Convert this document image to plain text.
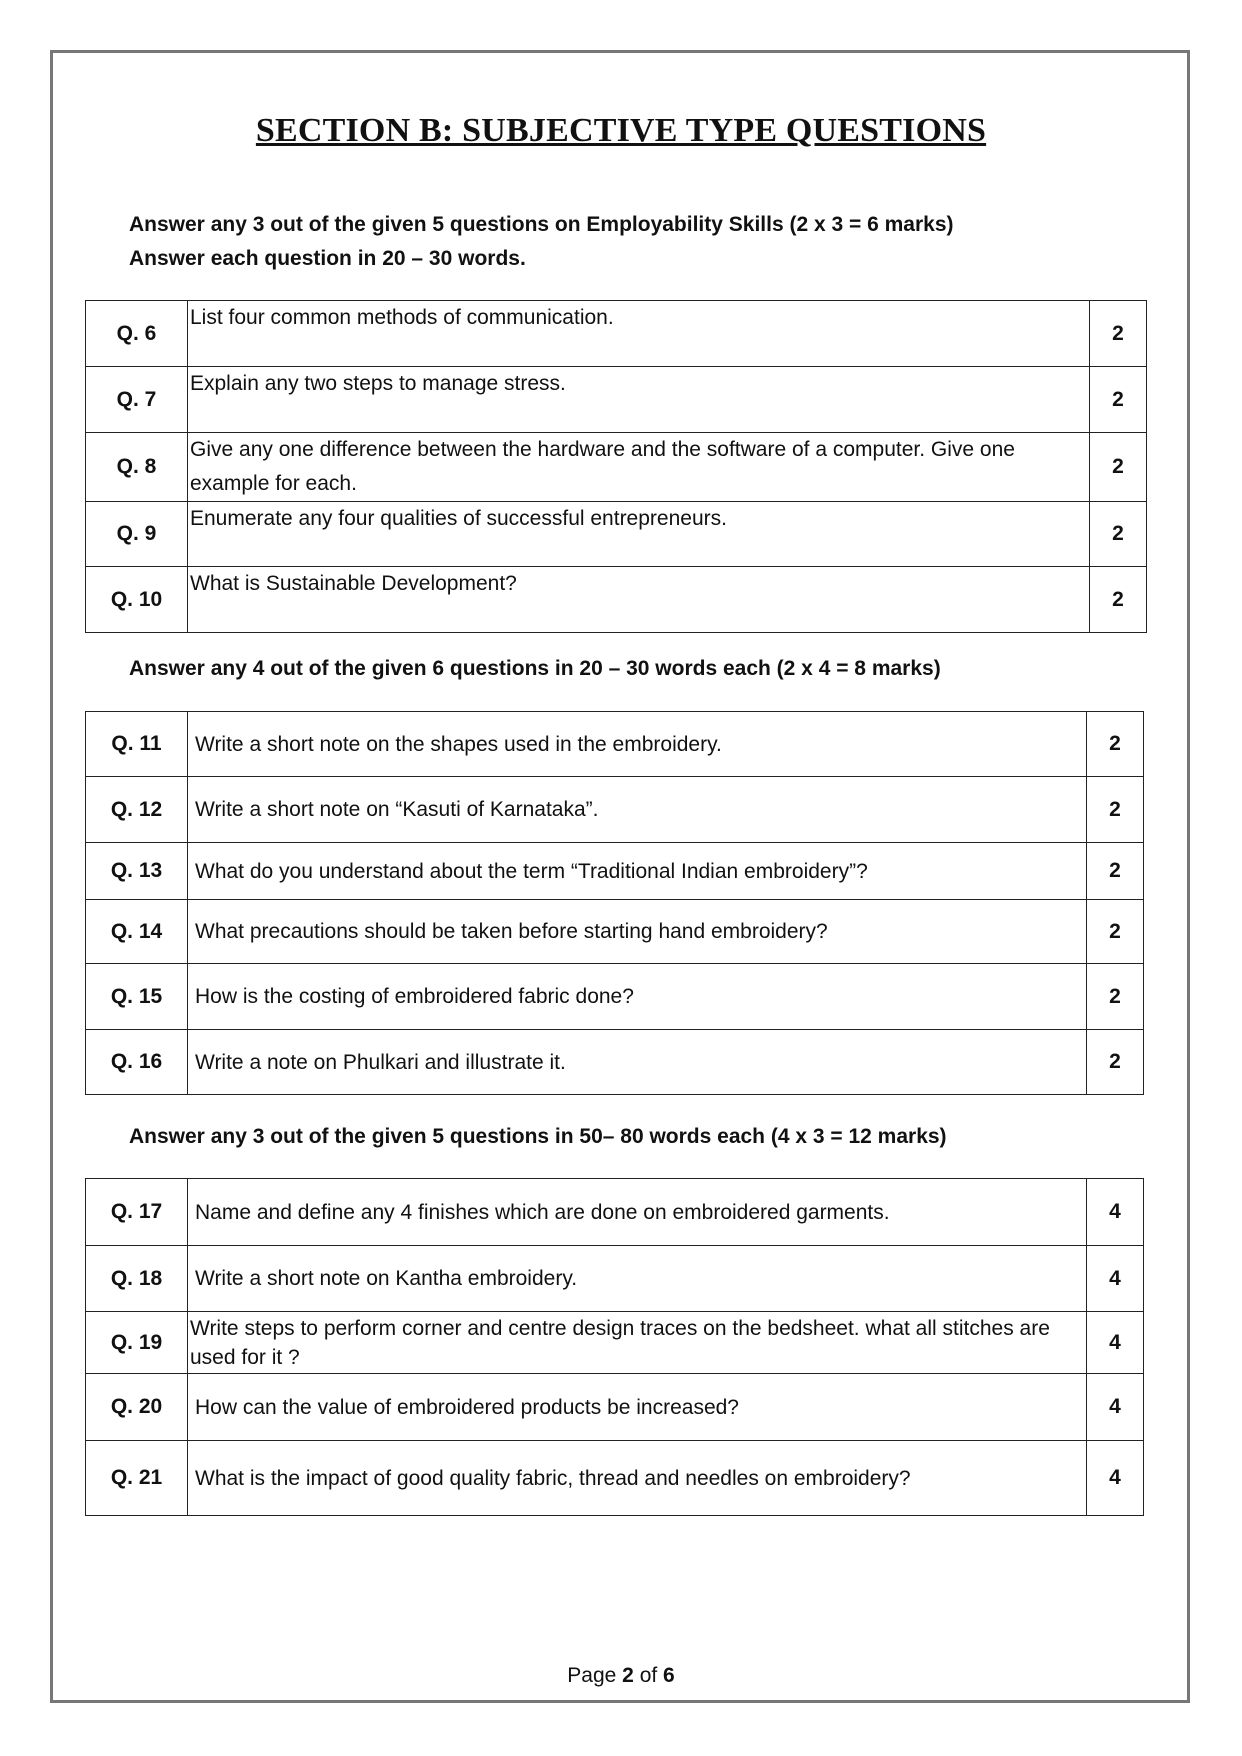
SECTION B: SUBJECTIVE TYPE QUESTIONS
Answer any 3 out of the given 5 questions on Employability Skills (2 x 3 = 6 marks)
Answer each question in 20 – 30 words.
Q. 6	List four common methods of communication.	2
Q. 7	Explain any two steps to manage stress.	2
Q. 8	Give any one difference between the hardware and the software of a computer. Give one example for each.	2
Q. 9	Enumerate any four qualities of successful entrepreneurs.	2
Q. 10	What is Sustainable Development?	2
Answer any 4 out of the given 6 questions in 20 – 30 words each (2 x 4 = 8 marks)
Q. 11	Write a short note on the shapes used in the embroidery.	2
Q. 12	Write a short note on “Kasuti of Karnataka”.	2
Q. 13	What do you understand about the term “Traditional Indian embroidery”?	2
Q. 14	What precautions should be taken before starting hand embroidery?	2
Q. 15	How is the costing of embroidered fabric done?	2
Q. 16	Write a note on Phulkari and illustrate it.	2
Answer any 3 out of the given 5 questions in 50– 80 words each (4 x 3 = 12 marks)
Q. 17	Name and define any 4 finishes which are done on embroidered garments.	4
Q. 18	Write a short note on Kantha embroidery.	4
Q. 19	Write steps to perform corner and centre design traces on the bedsheet. what all stitches are used for it ?	4
Q. 20	How can the value of embroidered products be increased?	4
Q. 21	What is the impact of good quality fabric, thread and needles on embroidery?	4
Page 2 of 6
